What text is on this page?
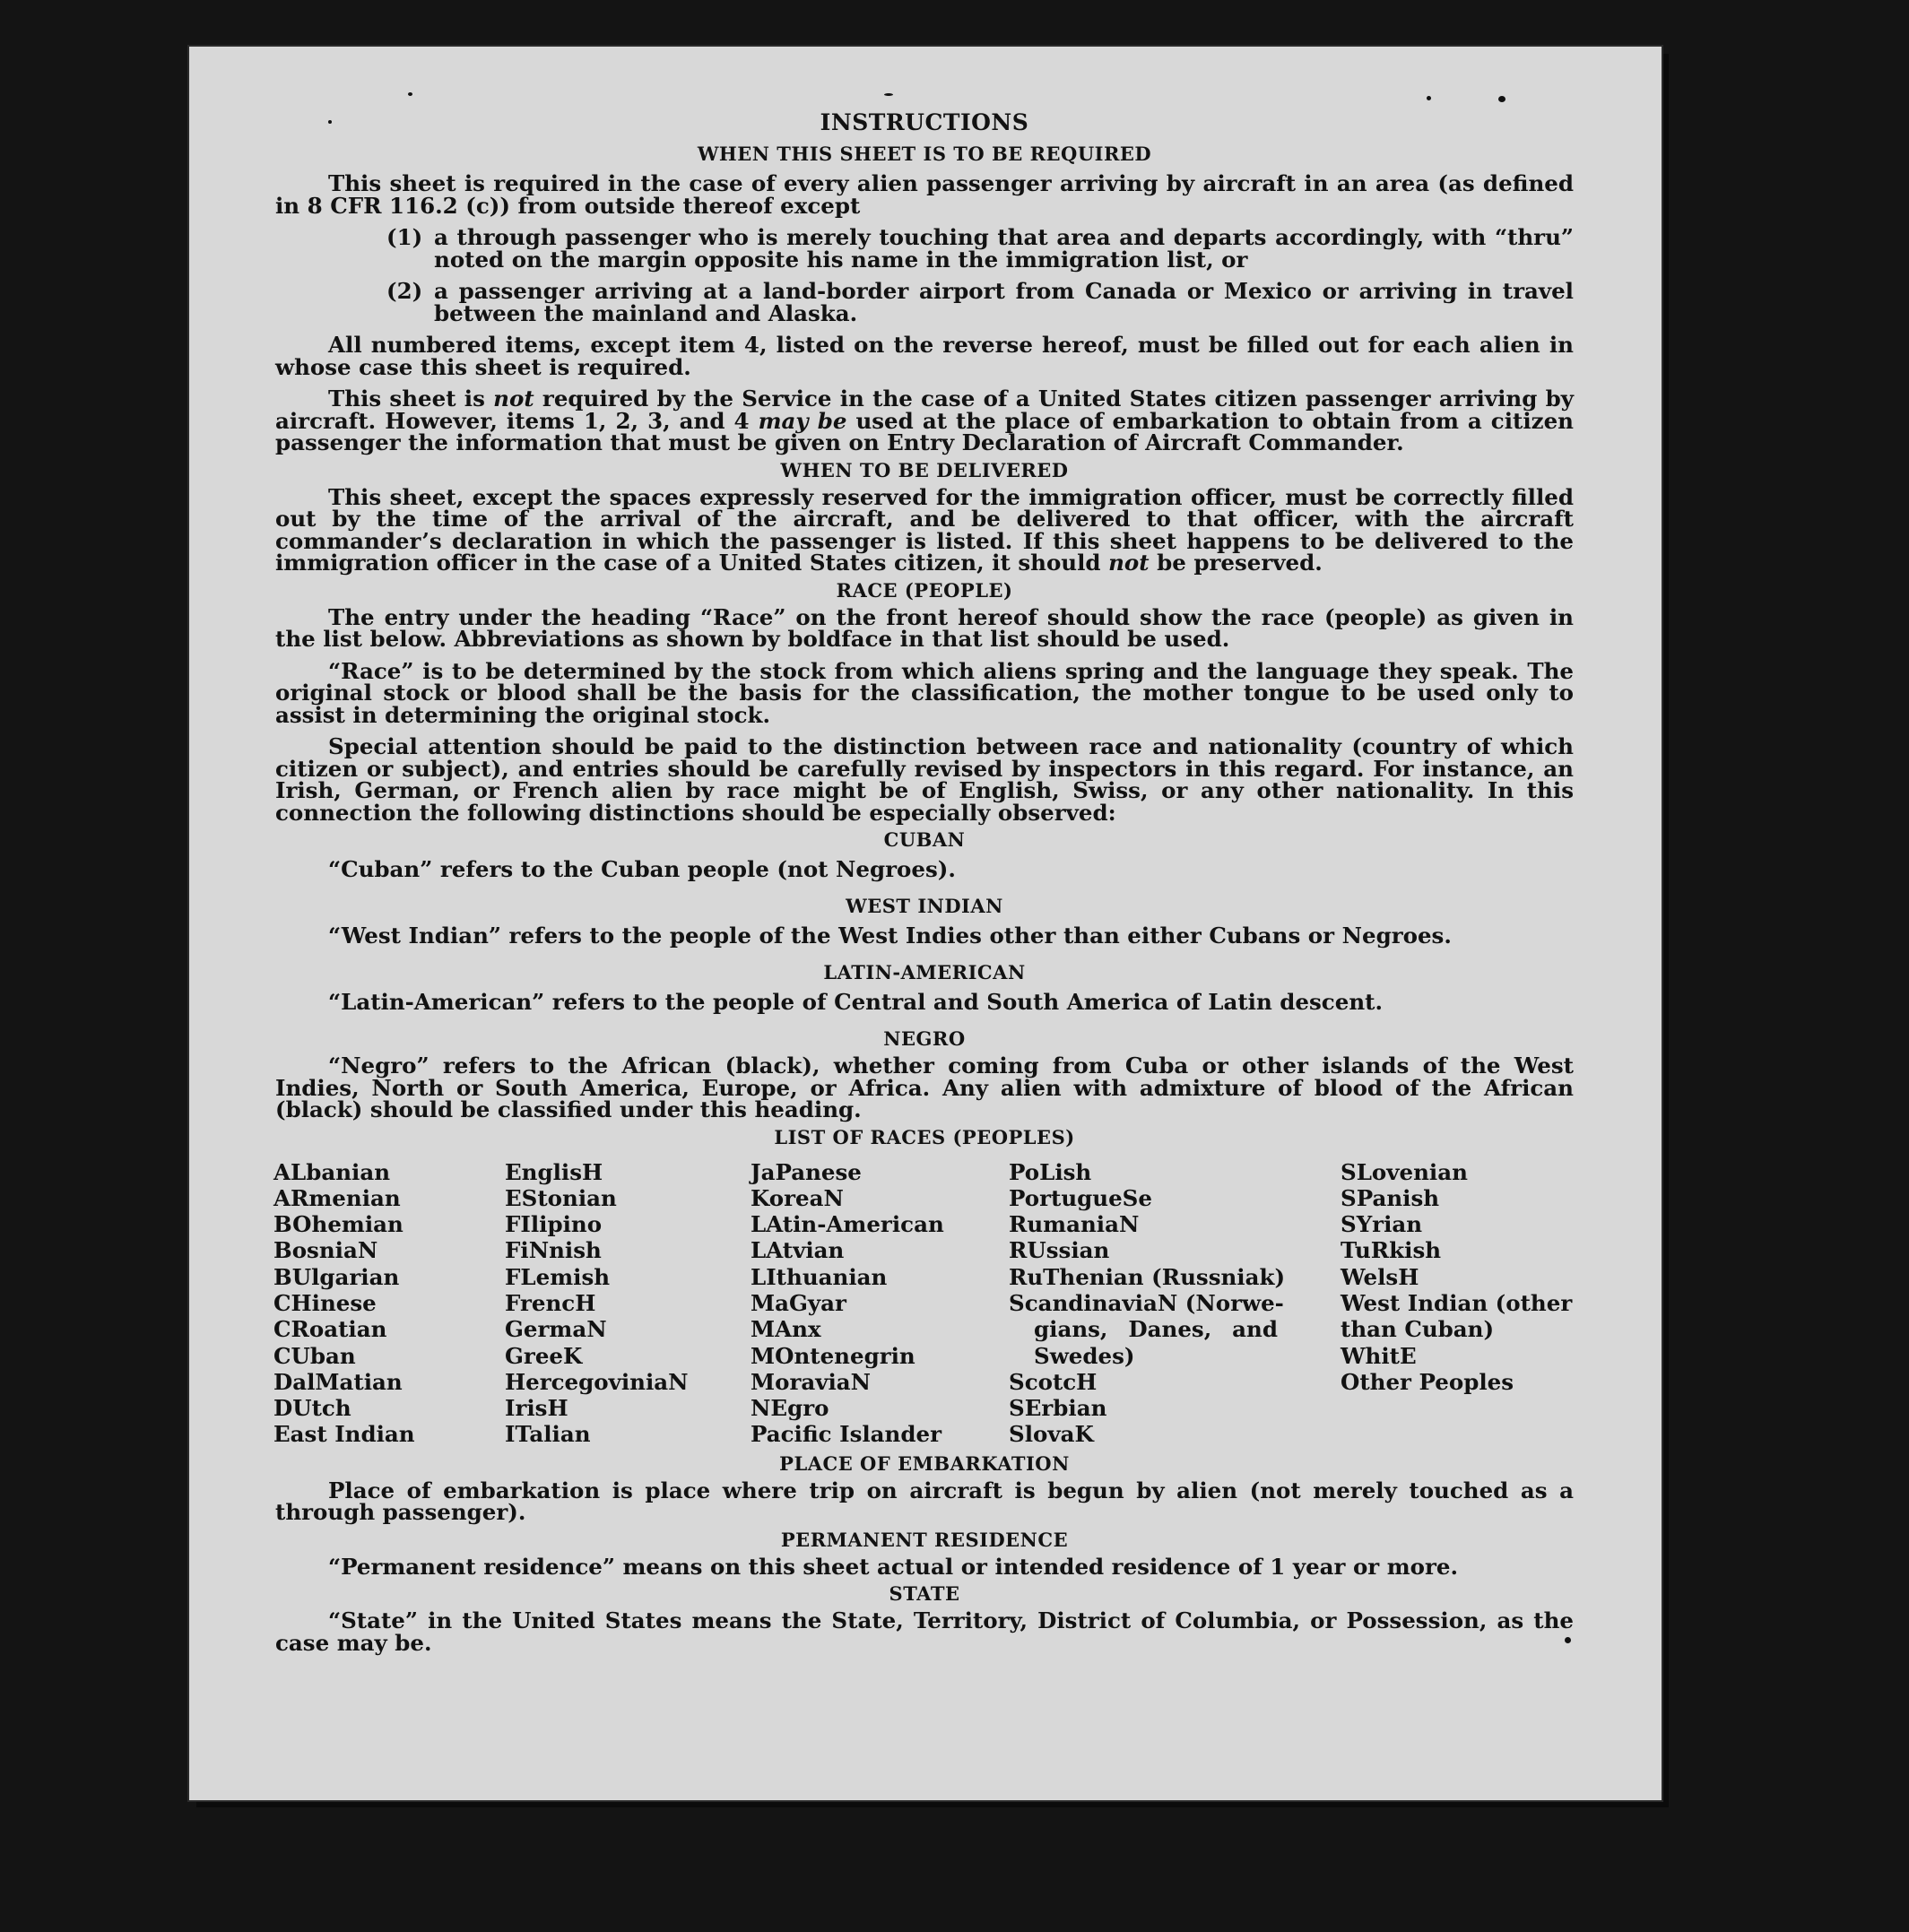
INSTRUCTIONS
WHEN THIS SHEET IS TO BE REQUIRED
This sheet is required in the case of every alien passenger arriving by aircraft in an area (as defined in 8 CFR 116.2 (c)) from outside thereof except
(1) a through passenger who is merely touching that area and departs accordingly, with “thru” noted on the margin opposite his name in the immigration list, or
(2) a passenger arriving at a land-border airport from Canada or Mexico or arriving in travel between the mainland and Alaska.
All numbered items, except item 4, listed on the reverse hereof, must be filled out for each alien in whose case this sheet is required.
This sheet is not required by the Service in the case of a United States citizen passenger arriving by aircraft. However, items 1, 2, 3, and 4 may be used at the place of embarkation to obtain from a citizen passenger the information that must be given on Entry Declaration of Aircraft Commander.
WHEN TO BE DELIVERED
This sheet, except the spaces expressly reserved for the immigration officer, must be correctly filled out by the time of the arrival of the aircraft, and be delivered to that officer, with the aircraft commander’s declaration in which the passenger is listed. If this sheet happens to be delivered to the immigration officer in the case of a United States citizen, it should not be preserved.
RACE (PEOPLE)
The entry under the heading “Race” on the front hereof should show the race (people) as given in the list below. Abbreviations as shown by boldface in that list should be used.
“Race” is to be determined by the stock from which aliens spring and the language they speak. The original stock or blood shall be the basis for the classification, the mother tongue to be used only to assist in determining the original stock.
Special attention should be paid to the distinction between race and nationality (country of which citizen or subject), and entries should be carefully revised by inspectors in this regard. For instance, an Irish, German, or French alien by race might be of English, Swiss, or any other nationality. In this connection the following distinctions should be especially observed:
CUBAN
“Cuban” refers to the Cuban people (not Negroes).
WEST INDIAN
“West Indian” refers to the people of the West Indies other than either Cubans or Negroes.
LATIN-AMERICAN
“Latin-American” refers to the people of Central and South America of Latin descent.
NEGRO
“Negro” refers to the African (black), whether coming from Cuba or other islands of the West Indies, North or South America, Europe, or Africa. Any alien with admixture of blood of the African (black) should be classified under this heading.
LIST OF RACES (PEOPLES)
ALbanian
ARmenian
BOhemian
BosniaN
BUlgarian
CHinese
CRoatian
CUban
DalMatian
DUtch
East Indian
EnglisH
EStonian
FIlipino
FiNnish
FLemish
FrencH
GermaN
GreeK
HercegoviniaN
IrisH
ITalian
JaPanese
KoreaN
LAtin-American
LAtvian
LIthuanian
MaGyar
MAnx
MOntenegrin
MoraviaN
NEgro
Pacific Islander
PoLish
PortugueSe
RumaniaN
RUssian
RuThenian (Russniak)
ScandinaviaN (Norwe-
gians, Danes, and
Swedes)
ScotcH
SErbian
SlovaK
SLovenian
SPanish
SYrian
TuRkish
WelsH
West Indian (other
than Cuban)
WhitE
Other Peoples
PLACE OF EMBARKATION
Place of embarkation is place where trip on aircraft is begun by alien (not merely touched as a through passenger).
PERMANENT RESIDENCE
“Permanent residence” means on this sheet actual or intended residence of 1 year or more.
STATE
“State” in the United States means the State, Territory, District of Columbia, or Possession, as the case may be.
